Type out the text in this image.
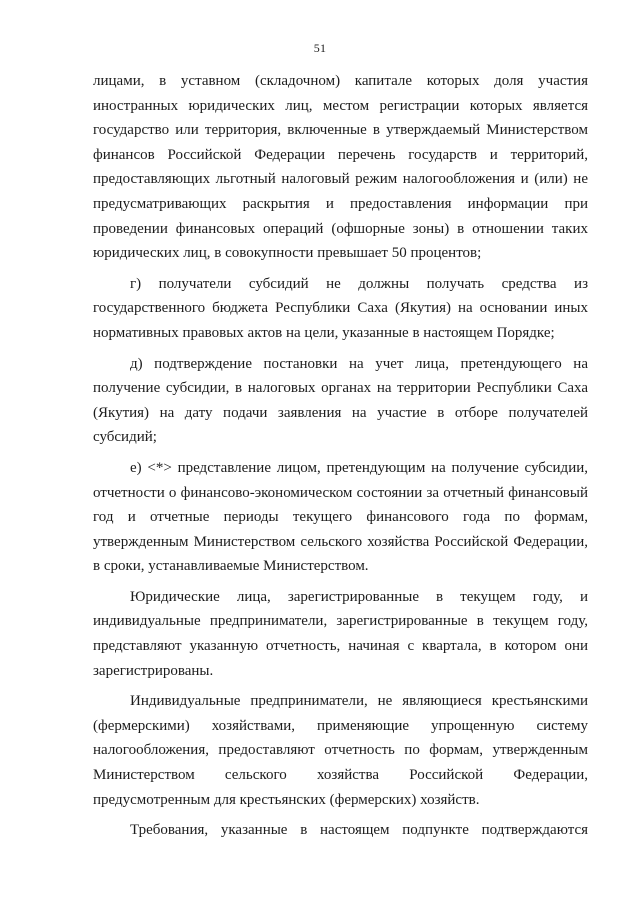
51
лицами, в уставном (складочном) капитале которых доля участия
иностранных юридических лиц, местом регистрации которых является
государство или территория, включенные в утверждаемый Министерством
финансов Российской Федерации перечень государств и территорий,
предоставляющих льготный налоговый режим налогообложения и (или) не
предусматривающих раскрытия и предоставления информации при
проведении финансовых операций (офшорные зоны) в отношении таких
юридических лиц, в совокупности превышает 50 процентов;
г) получатели субсидий не должны получать средства из
государственного бюджета Республики Саха (Якутия) на основании иных
нормативных правовых актов на цели, указанные в настоящем Порядке;
д) подтверждение постановки на учет лица, претендующего на
получение субсидии, в налоговых органах на территории Республики Саха
(Якутия) на дату подачи заявления на участие в отборе получателей
субсидий;
е) <*> представление лицом, претендующим на получение субсидии,
отчетности о финансово-экономическом состоянии за отчетный финансовый
год и отчетные периоды текущего финансового года по формам,
утвержденным Министерством сельского хозяйства Российской Федерации,
в сроки, устанавливаемые Министерством.
Юридические лица, зарегистрированные в текущем году, и
индивидуальные предприниматели, зарегистрированные в текущем году,
представляют указанную отчетность, начиная с квартала, в котором они
зарегистрированы.
Индивидуальные предприниматели, не являющиеся крестьянскими
(фермерскими) хозяйствами, применяющие упрощенную систему
налогообложения, предоставляют отчетность по формам, утвержденным
Министерством сельского хозяйства Российской Федерации,
предусмотренным для крестьянских (фермерских) хозяйств.
Требования, указанные в настоящем подпункте подтверждаются
